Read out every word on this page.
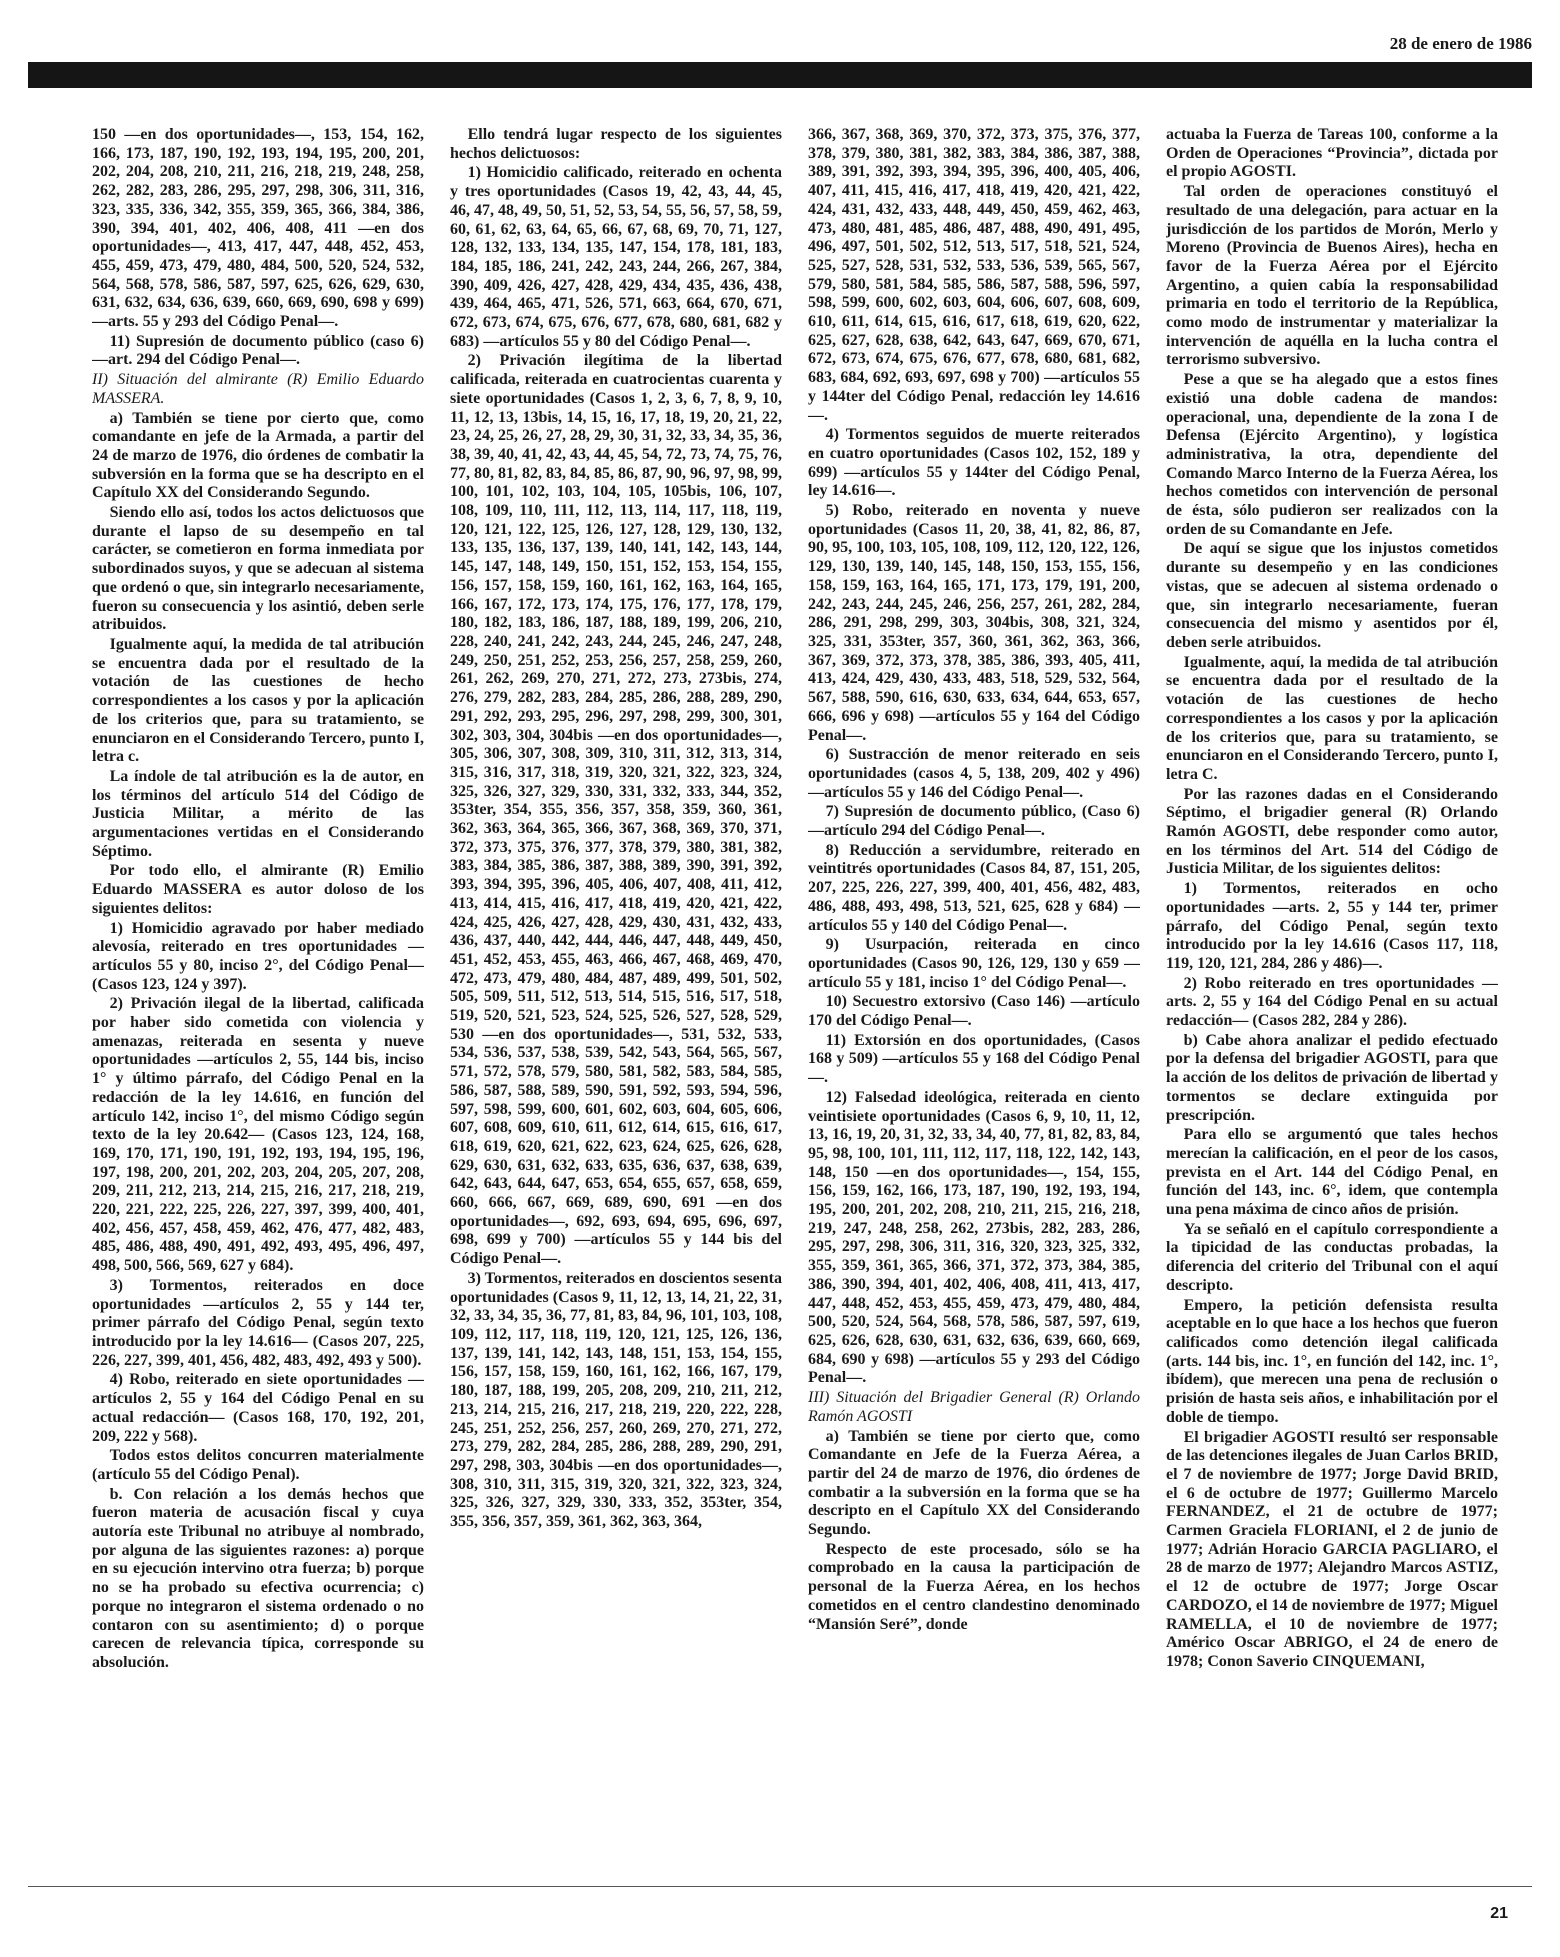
28 de enero de 1986

150 —en dos oportunidades—, 153, 154, 162, 166, 173, 187, 190, 192, 193, 194, 195, 200, 201, 202, 204, 208, 210, 211, 216, 218, 219, 248, 258, 262, 282, 283, 286, 295, 297, 298, 306, 311, 316, 323, 335, 336, 342, 355, 359, 365, 366, 384, 386, 390, 394, 401, 402, 406, 408, 411 —en dos oportunidades—, 413, 417, 447, 448, 452, 453, 455, 459, 473, 479, 480, 484, 500, 520, 524, 532, 564, 568, 578, 586, 587, 597, 625, 626, 629, 630, 631, 632, 634, 636, 639, 660, 669, 690, 698 y 699) —arts. 55 y 293 del Código Penal—.

11) Supresión de documento público (caso 6) —art. 294 del Código Penal—.

II) Situación del almirante (R) Emilio Eduardo MASSERA.

a) También se tiene por cierto que, como comandante en jefe de la Armada, a partir del 24 de marzo de 1976, dio órdenes de combatir la subversión en la forma que se ha descripto en el Capítulo XX del Considerando Segundo.

Siendo ello así, todos los actos delictuosos que durante el lapso de su desempeño en tal carácter, se cometieron en forma inmediata por subordinados suyos, y que se adecuan al sistema que ordenó o que, sin integrarlo necesariamente, fueron su consecuencia y los asintió, deben serle atribuidos.

Igualmente aquí, la medida de tal atribución se encuentra dada por el resultado de la votación de las cuestiones de hecho correspondientes a los casos y por la aplicación de los criterios que, para su tratamiento, se enunciaron en el Considerando Tercero, punto I, letra c.

La índole de tal atribución es la de autor, en los términos del artículo 514 del Código de Justicia Militar, a mérito de las argumentaciones vertidas en el Considerando Séptimo.

Por todo ello, el almirante (R) Emilio Eduardo MASSERA es autor doloso de los siguientes delitos:

1) Homicidio agravado por haber mediado alevosía, reiterado en tres oportunidades —artículos 55 y 80, inciso 2°, del Código Penal— (Casos 123, 124 y 397).

2) Privación ilegal de la libertad, calificada por haber sido cometida con violencia y amenazas, reiterada en sesenta y nueve oportunidades —artículos 2, 55, 144 bis, inciso 1° y último párrafo, del Código Penal en la redacción de la ley 14.616, en función del artículo 142, inciso 1°, del mismo Código según texto de la ley 20.642— (Casos 123, 124, 168, 169, 170, 171, 190, 191, 192, 193, 194, 195, 196, 197, 198, 200, 201, 202, 203, 204, 205, 207, 208, 209, 211, 212, 213, 214, 215, 216, 217, 218, 219, 220, 221, 222, 225, 226, 227, 397, 399, 400, 401, 402, 456, 457, 458, 459, 462, 476, 477, 482, 483, 485, 486, 488, 490, 491, 492, 493, 495, 496, 497, 498, 500, 566, 569, 627 y 684).

3) Tormentos, reiterados en doce oportunidades —artículos 2, 55 y 144 ter, primer párrafo del Código Penal, según texto introducido por la ley 14.616— (Casos 207, 225, 226, 227, 399, 401, 456, 482, 483, 492, 493 y 500).

4) Robo, reiterado en siete oportunidades —artículos 2, 55 y 164 del Código Penal en su actual redacción— (Casos 168, 170, 192, 201, 209, 222 y 568).

Todos estos delitos concurren materialmente (artículo 55 del Código Penal).

b. Con relación a los demás hechos que fueron materia de acusación fiscal y cuya autoría este Tribunal no atribuye al nombrado, por alguna de las siguientes razones: a) porque en su ejecución intervino otra fuerza; b) porque no se ha probado su efectiva ocurrencia; c) porque no integraron el sistema ordenado o no contaron con su asentimiento; d) o porque carecen de relevancia típica, corresponde su absolución.

Ello tendrá lugar respecto de los siguientes hechos delictuosos:

1) Homicidio calificado, reiterado en ochenta y tres oportunidades (Casos 19, 42, 43, 44, 45, 46, 47, 48, 49, 50, 51, 52, 53, 54, 55, 56, 57, 58, 59, 60, 61, 62, 63, 64, 65, 66, 67, 68, 69, 70, 71, 127, 128, 132, 133, 134, 135, 147, 154, 178, 181, 183, 184, 185, 186, 241, 242, 243, 244, 266, 267, 384, 390, 409, 426, 427, 428, 429, 434, 435, 436, 438, 439, 464, 465, 471, 526, 571, 663, 664, 670, 671, 672, 673, 674, 675, 676, 677, 678, 680, 681, 682 y 683) —artículos 55 y 80 del Código Penal—.

2) Privación ilegítima de la libertad calificada, reiterada en cuatrocientas cuarenta y siete oportunidades (Casos 1, 2, 3, 6, 7, 8, 9, 10, 11, 12, 13, 13bis, 14, 15, 16, 17, 18, 19, 20, 21, 22, 23, 24, 25, 26, 27, 28, 29, 30, 31, 32, 33, 34, 35, 36, 38, 39, 40, 41, 42, 43, 44, 45, 54, 72, 73, 74, 75, 76, 77, 80, 81, 82, 83, 84, 85, 86, 87, 90, 96, 97, 98, 99, 100, 101, 102, 103, 104, 105, 105bis, 106, 107, 108, 109, 110, 111, 112, 113, 114, 117, 118, 119, 120, 121, 122, 125, 126, 127, 128, 129, 130, 132, 133, 135, 136, 137, 139, 140, 141, 142, 143, 144, 145, 147, 148, 149, 150, 151, 152, 153, 154, 155, 156, 157, 158, 159, 160, 161, 162, 163, 164, 165, 166, 167, 172, 173, 174, 175, 176, 177, 178, 179, 180, 182, 183, 186, 187, 188, 189, 199, 206, 210, 228, 240, 241, 242, 243, 244, 245, 246, 247, 248, 249, 250, 251, 252, 253, 256, 257, 258, 259, 260, 261, 262, 269, 270, 271, 272, 273, 273bis, 274, 276, 279, 282, 283, 284, 285, 286, 288, 289, 290, 291, 292, 293, 295, 296, 297, 298, 299, 300, 301, 302, 303, 304, 304bis —en dos oportunidades—, 305, 306, 307, 308, 309, 310, 311, 312, 313, 314, 315, 316, 317, 318, 319, 320, 321, 322, 323, 324, 325, 326, 327, 329, 330, 331, 332, 333, 344, 352, 353ter, 354, 355, 356, 357, 358, 359, 360, 361, 362, 363, 364, 365, 366, 367, 368, 369, 370, 371, 372, 373, 375, 376, 377, 378, 379, 380, 381, 382, 383, 384, 385, 386, 387, 388, 389, 390, 391, 392, 393, 394, 395, 396, 405, 406, 407, 408, 411, 412, 413, 414, 415, 416, 417, 418, 419, 420, 421, 422, 424, 425, 426, 427, 428, 429, 430, 431, 432, 433, 436, 437, 440, 442, 444, 446, 447, 448, 449, 450, 451, 452, 453, 455, 463, 466, 467, 468, 469, 470, 472, 473, 479, 480, 484, 487, 489, 499, 501, 502, 505, 509, 511, 512, 513, 514, 515, 516, 517, 518, 519, 520, 521, 523, 524, 525, 526, 527, 528, 529, 530 —en dos oportunidades—, 531, 532, 533, 534, 536, 537, 538, 539, 542, 543, 564, 565, 567, 571, 572, 578, 579, 580, 581, 582, 583, 584, 585, 586, 587, 588, 589, 590, 591, 592, 593, 594, 596, 597, 598, 599, 600, 601, 602, 603, 604, 605, 606, 607, 608, 609, 610, 611, 612, 614, 615, 616, 617, 618, 619, 620, 621, 622, 623, 624, 625, 626, 628, 629, 630, 631, 632, 633, 635, 636, 637, 638, 639, 642, 643, 644, 647, 653, 654, 655, 657, 658, 659, 660, 666, 667, 669, 689, 690, 691 —en dos oportunidades—, 692, 693, 694, 695, 696, 697, 698, 699 y 700) —artículos 55 y 144 bis del Código Penal—.

3) Tormentos, reiterados en doscientos sesenta oportunidades (Casos 9, 11, 12, 13, 14, 21, 22, 31, 32, 33, 34, 35, 36, 77, 81, 83, 84, 96, 101, 103, 108, 109, 112, 117, 118, 119, 120, 121, 125, 126, 136, 137, 139, 141, 142, 143, 148, 151, 153, 154, 155, 156, 157, 158, 159, 160, 161, 162, 166, 167, 179, 180, 187, 188, 199, 205, 208, 209, 210, 211, 212, 213, 214, 215, 216, 217, 218, 219, 220, 222, 228, 245, 251, 252, 256, 257, 260, 269, 270, 271, 272, 273, 279, 282, 284, 285, 286, 288, 289, 290, 291, 297, 298, 303, 304bis —en dos oportunidades—, 308, 310, 311, 315, 319, 320, 321, 322, 323, 324, 325, 326, 327, 329, 330, 333, 352, 353ter, 354, 355, 356, 357, 359, 361, 362, 363, 364,

366, 367, 368, 369, 370, 372, 373, 375, 376, 377, 378, 379, 380, 381, 382, 383, 384, 386, 387, 388, 389, 391, 392, 393, 394, 395, 396, 400, 405, 406, 407, 411, 415, 416, 417, 418, 419, 420, 421, 422, 424, 431, 432, 433, 448, 449, 450, 459, 462, 463, 473, 480, 481, 485, 486, 487, 488, 490, 491, 495, 496, 497, 501, 502, 512, 513, 517, 518, 521, 524, 525, 527, 528, 531, 532, 533, 536, 539, 565, 567, 579, 580, 581, 584, 585, 586, 587, 588, 596, 597, 598, 599, 600, 602, 603, 604, 606, 607, 608, 609, 610, 611, 614, 615, 616, 617, 618, 619, 620, 622, 625, 627, 628, 638, 642, 643, 647, 669, 670, 671, 672, 673, 674, 675, 676, 677, 678, 680, 681, 682, 683, 684, 692, 693, 697, 698 y 700) —artículos 55 y 144ter del Código Penal, redacción ley 14.616—.

4) Tormentos seguidos de muerte reiterados en cuatro oportunidades (Casos 102, 152, 189 y 699) —artículos 55 y 144ter del Código Penal, ley 14.616—.

5) Robo, reiterado en noventa y nueve oportunidades (Casos 11, 20, 38, 41, 82, 86, 87, 90, 95, 100, 103, 105, 108, 109, 112, 120, 122, 126, 129, 130, 139, 140, 145, 148, 150, 153, 155, 156, 158, 159, 163, 164, 165, 171, 173, 179, 191, 200, 242, 243, 244, 245, 246, 256, 257, 261, 282, 284, 286, 291, 298, 299, 303, 304bis, 308, 321, 324, 325, 331, 353ter, 357, 360, 361, 362, 363, 366, 367, 369, 372, 373, 378, 385, 386, 393, 405, 411, 413, 424, 429, 430, 433, 483, 518, 529, 532, 564, 567, 588, 590, 616, 630, 633, 634, 644, 653, 657, 666, 696 y 698) —artículos 55 y 164 del Código Penal—.

6) Sustracción de menor reiterado en seis oportunidades (casos 4, 5, 138, 209, 402 y 496) —artículos 55 y 146 del Código Penal—.

7) Supresión de documento público, (Caso 6) —artículo 294 del Código Penal—.

8) Reducción a servidumbre, reiterado en veintitrés oportunidades (Casos 84, 87, 151, 205, 207, 225, 226, 227, 399, 400, 401, 456, 482, 483, 486, 488, 493, 498, 513, 521, 625, 628 y 684) —artículos 55 y 140 del Código Penal—.

9) Usurpación, reiterada en cinco oportunidades (Casos 90, 126, 129, 130 y 659 —artículo 55 y 181, inciso 1° del Código Penal—.

10) Secuestro extorsivo (Caso 146) —artículo 170 del Código Penal—.

11) Extorsión en dos oportunidades, (Casos 168 y 509) —artículos 55 y 168 del Código Penal—.

12) Falsedad ideológica, reiterada en ciento veintisiete oportunidades (Casos 6, 9, 10, 11, 12, 13, 16, 19, 20, 31, 32, 33, 34, 40, 77, 81, 82, 83, 84, 95, 98, 100, 101, 111, 112, 117, 118, 122, 142, 143, 148, 150 —en dos oportunidades—, 154, 155, 156, 159, 162, 166, 173, 187, 190, 192, 193, 194, 195, 200, 201, 202, 208, 210, 211, 215, 216, 218, 219, 247, 248, 258, 262, 273bis, 282, 283, 286, 295, 297, 298, 306, 311, 316, 320, 323, 325, 332, 355, 359, 361, 365, 366, 371, 372, 373, 384, 385, 386, 390, 394, 401, 402, 406, 408, 411, 413, 417, 447, 448, 452, 453, 455, 459, 473, 479, 480, 484, 500, 520, 524, 564, 568, 578, 586, 587, 597, 619, 625, 626, 628, 630, 631, 632, 636, 639, 660, 669, 684, 690 y 698) —artículos 55 y 293 del Código Penal—.

III) Situación del Brigadier General (R) Orlando Ramón AGOSTI

a) También se tiene por cierto que, como Comandante en Jefe de la Fuerza Aérea, a partir del 24 de marzo de 1976, dio órdenes de combatir a la subversión en la forma que se ha descripto en el Capítulo XX del Considerando Segundo.

Respecto de este procesado, sólo se ha comprobado en la causa la participación de personal de la Fuerza Aérea, en los hechos cometidos en el centro clandestino denominado “Mansión Seré”, donde

actuaba la Fuerza de Tareas 100, conforme a la Orden de Operaciones “Provincia”, dictada por el propio AGOSTI.

Tal orden de operaciones constituyó el resultado de una delegación, para actuar en la jurisdicción de los partidos de Morón, Merlo y Moreno (Provincia de Buenos Aires), hecha en favor de la Fuerza Aérea por el Ejército Argentino, a quien cabía la responsabilidad primaria en todo el territorio de la República, como modo de instrumentar y materializar la intervención de aquélla en la lucha contra el terrorismo subversivo.

Pese a que se ha alegado que a estos fines existió una doble cadena de mandos: operacional, una, dependiente de la zona I de Defensa (Ejército Argentino), y logística administrativa, la otra, dependiente del Comando Marco Interno de la Fuerza Aérea, los hechos cometidos con intervención de personal de ésta, sólo pudieron ser realizados con la orden de su Comandante en Jefe.

De aquí se sigue que los injustos cometidos durante su desempeño y en las condiciones vistas, que se adecuen al sistema ordenado o que, sin integrarlo necesariamente, fueran consecuencia del mismo y asentidos por él, deben serle atribuidos.

Igualmente, aquí, la medida de tal atribución se encuentra dada por el resultado de la votación de las cuestiones de hecho correspondientes a los casos y por la aplicación de los criterios que, para su tratamiento, se enunciaron en el Considerando Tercero, punto I, letra C.

Por las razones dadas en el Considerando Séptimo, el brigadier general (R) Orlando Ramón AGOSTI, debe responder como autor, en los términos del Art. 514 del Código de Justicia Militar, de los siguientes delitos:

1) Tormentos, reiterados en ocho oportunidades —arts. 2, 55 y 144 ter, primer párrafo, del Código Penal, según texto introducido por la ley 14.616 (Casos 117, 118, 119, 120, 121, 284, 286 y 486)—.

2) Robo reiterado en tres oportunidades —arts. 2, 55 y 164 del Código Penal en su actual redacción— (Casos 282, 284 y 286).

b) Cabe ahora analizar el pedido efectuado por la defensa del brigadier AGOSTI, para que la acción de los delitos de privación de libertad y tormentos se declare extinguida por prescripción.

Para ello se argumentó que tales hechos merecían la calificación, en el peor de los casos, prevista en el Art. 144 del Código Penal, en función del 143, inc. 6°, idem, que contempla una pena máxima de cinco años de prisión.

Ya se señaló en el capítulo correspondiente a la tipicidad de las conductas probadas, la diferencia del criterio del Tribunal con el aquí descripto.

Empero, la petición defensista resulta aceptable en lo que hace a los hechos que fueron calificados como detención ilegal calificada (arts. 144 bis, inc. 1°, en función del 142, inc. 1°, ibídem), que merecen una pena de reclusión o prisión de hasta seis años, e inhabilitación por el doble de tiempo.

El brigadier AGOSTI resultó ser responsable de las detenciones ilegales de Juan Carlos BRID, el 7 de noviembre de 1977; Jorge David BRID, el 6 de octubre de 1977; Guillermo Marcelo FERNANDEZ, el 21 de octubre de 1977; Carmen Graciela FLORIANI, el 2 de junio de 1977; Adrián Horacio GARCIA PAGLIARO, el 28 de marzo de 1977; Alejandro Marcos ASTIZ, el 12 de octubre de 1977; Jorge Oscar CARDOZO, el 14 de noviembre de 1977; Miguel RAMELLA, el 10 de noviembre de 1977; Américo Oscar ABRIGO, el 24 de enero de 1978; Conon Saverio CINQUEMANI,

21
